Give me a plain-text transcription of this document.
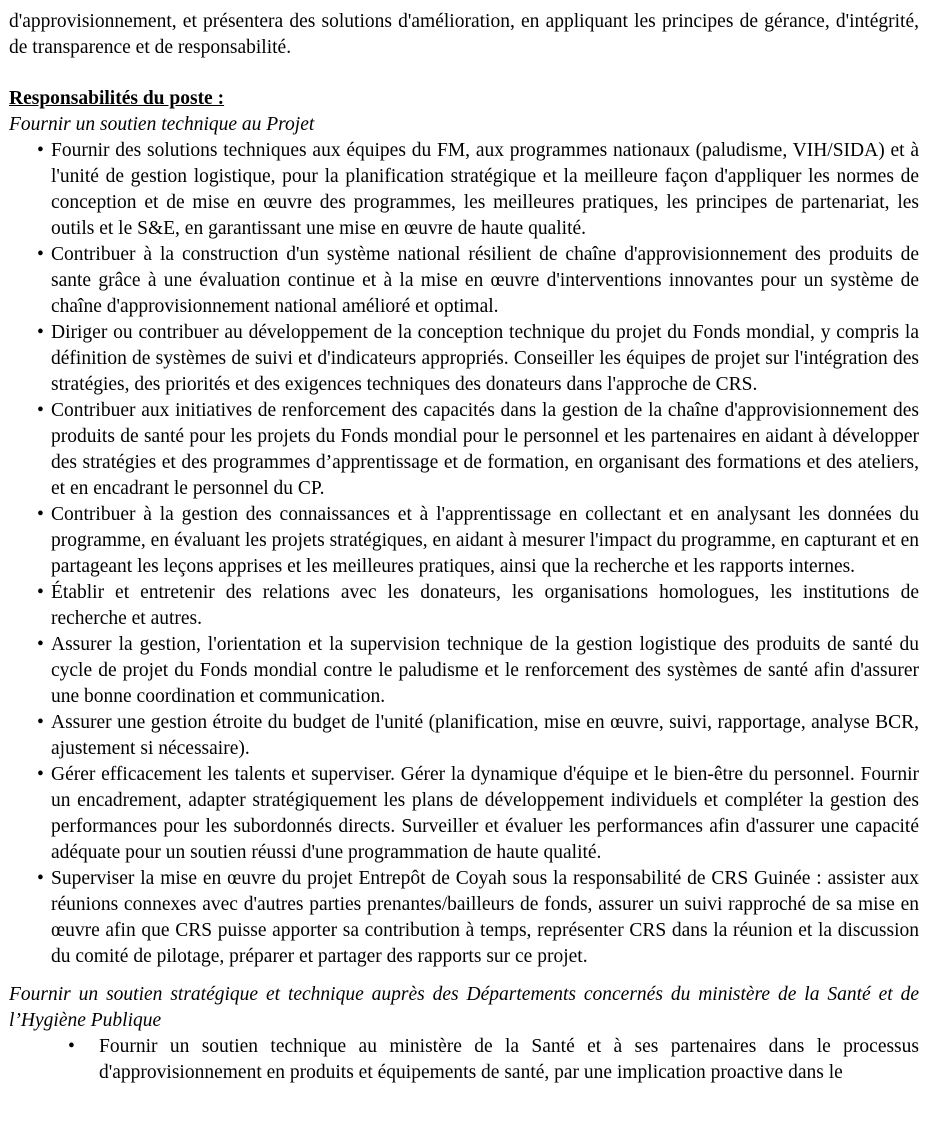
d'approvisionnement, et présentera des solutions d'amélioration, en appliquant les principes de gérance, d'intégrité, de transparence et de responsabilité.

Responsabilités du poste :

Fournir un soutien technique au Projet

• Fournir des solutions techniques aux équipes du FM, aux programmes nationaux (paludisme, VIH/SIDA) et à l'unité de gestion logistique, pour la planification stratégique et la meilleure façon d'appliquer les normes de conception et de mise en œuvre des programmes, les meilleures pratiques, les principes de partenariat, les outils et le S&E, en garantissant une mise en œuvre de haute qualité.
• Contribuer à la construction d'un système national résilient de chaîne d'approvisionnement des produits de sante grâce à une évaluation continue et à la mise en œuvre d'interventions innovantes pour un système de chaîne d'approvisionnement national amélioré et optimal.
• Diriger ou contribuer au développement de la conception technique du projet du Fonds mondial, y compris la définition de systèmes de suivi et d'indicateurs appropriés. Conseiller les équipes de projet sur l'intégration des stratégies, des priorités et des exigences techniques des donateurs dans l'approche de CRS.
• Contribuer aux initiatives de renforcement des capacités dans la gestion de la chaîne d'approvisionnement des produits de santé pour les projets du Fonds mondial pour le personnel et les partenaires en aidant à développer des stratégies et des programmes d’apprentissage et de formation, en organisant des formations et des ateliers, et en encadrant le personnel du CP.
• Contribuer à la gestion des connaissances et à l'apprentissage en collectant et en analysant les données du programme, en évaluant les projets stratégiques, en aidant à mesurer l'impact du programme, en capturant et en partageant les leçons apprises et les meilleures pratiques, ainsi que la recherche et les rapports internes.
• Établir et entretenir des relations avec les donateurs, les organisations homologues, les institutions de recherche et autres.
• Assurer la gestion, l'orientation et la supervision technique de la gestion logistique des produits de santé du cycle de projet du Fonds mondial contre le paludisme et le renforcement des systèmes de santé afin d'assurer une bonne coordination et communication.
• Assurer une gestion étroite du budget de l'unité (planification, mise en œuvre, suivi, rapportage, analyse BCR, ajustement si nécessaire).
• Gérer efficacement les talents et superviser. Gérer la dynamique d'équipe et le bien-être du personnel. Fournir un encadrement, adapter stratégiquement les plans de développement individuels et compléter la gestion des performances pour les subordonnés directs. Surveiller et évaluer les performances afin d'assurer une capacité adéquate pour un soutien réussi d'une programmation de haute qualité.
• Superviser la mise en œuvre du projet Entrepôt de Coyah sous la responsabilité de CRS Guinée : assister aux réunions connexes avec d'autres parties prenantes/bailleurs de fonds, assurer un suivi rapproché de sa mise en œuvre afin que CRS puisse apporter sa contribution à temps, représenter CRS dans la réunion et la discussion du comité de pilotage, préparer et partager des rapports sur ce projet.

Fournir un soutien stratégique et technique auprès des Départements concernés du ministère de la Santé et de l’Hygiène Publique

• Fournir un soutien technique au ministère de la Santé et à ses partenaires dans le processus d'approvisionnement en produits et équipements de santé, par une implication proactive dans le
